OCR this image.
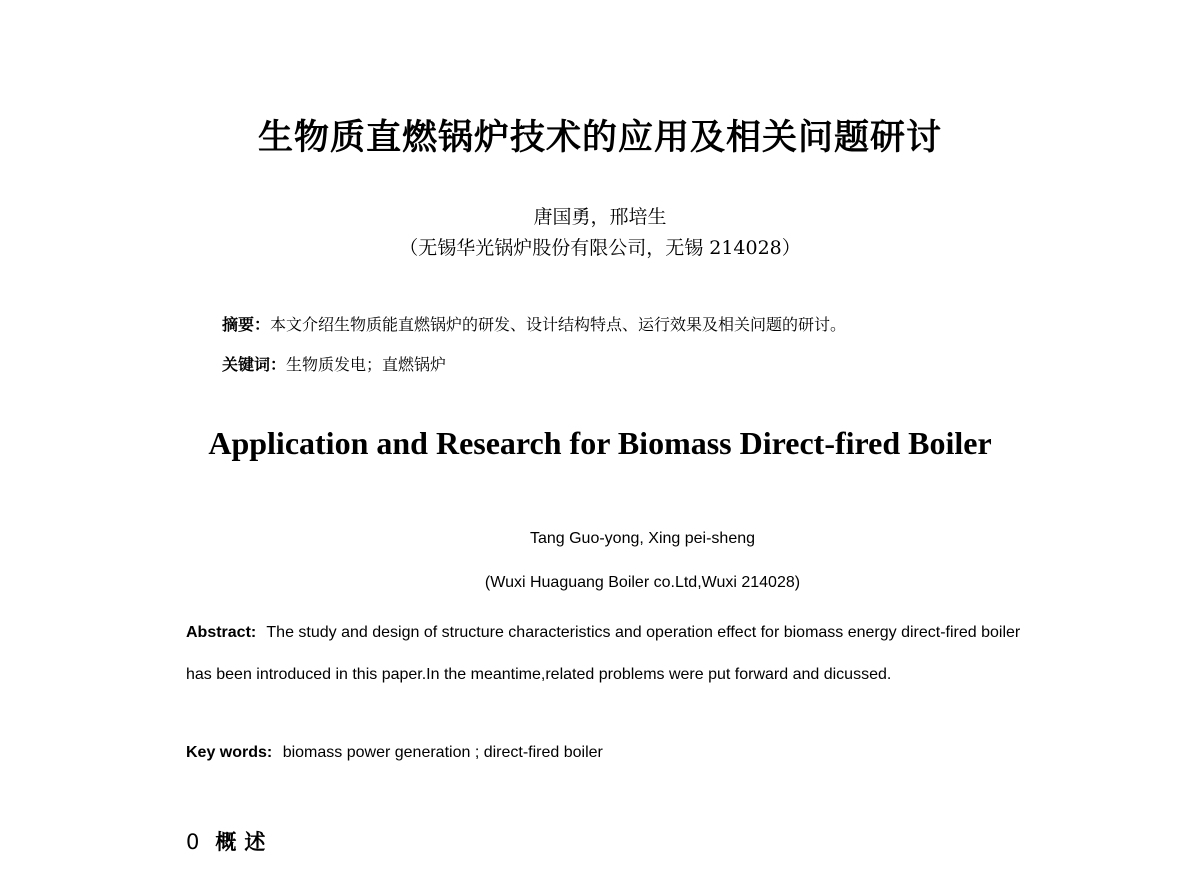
生物质直燃锅炉技术的应用及相关问题研讨
唐国勇，邢培生
（无锡华光锅炉股份有限公司，无锡 214028）
摘要：本文介绍生物质能直燃锅炉的研发、设计结构特点、运行效果及相关问题的研讨。
关键词：生物质发电；直燃锅炉
Application and Research for Biomass Direct-fired Boiler
Tang Guo-yong, Xing pei-sheng
(Wuxi Huaguang Boiler co.Ltd,Wuxi 214028)
Abstract: The study and design of structure characteristics and operation effect for biomass energy direct-fired boiler has been introduced in this paper.In the meantime,related problems were put forward and dicussed.
Key words: biomass power generation ; direct-fired boiler
0 概述
